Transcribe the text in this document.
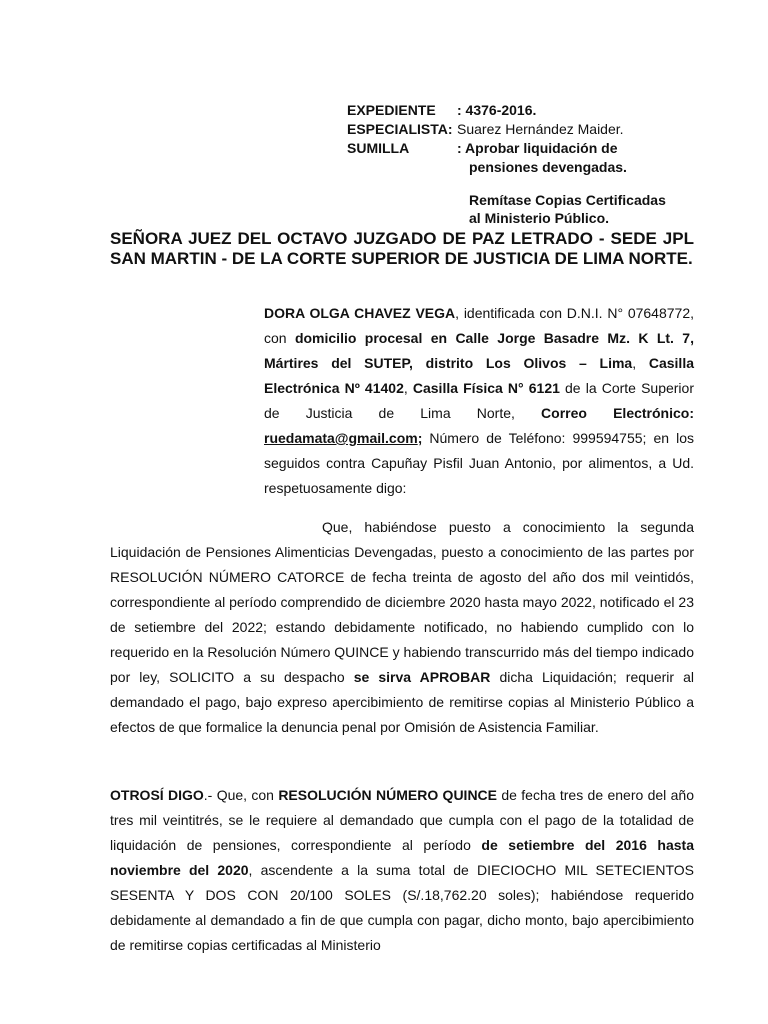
EXPEDIENTE	: 4376-2016.
ESPECIALISTA: Suarez Hernández Maider.
SUMILLA	: Aprobar liquidación de
pensiones devengadas.
Remítase Copias Certificadas
al Ministerio Público.
SEÑORA JUEZ DEL OCTAVO JUZGADO DE PAZ LETRADO - SEDE JPL SAN MARTIN - DE LA CORTE SUPERIOR DE JUSTICIA DE LIMA NORTE.
DORA OLGA CHAVEZ VEGA, identificada con D.N.I. N° 07648772, con domicilio procesal en Calle Jorge Basadre Mz. K Lt. 7, Mártires del SUTEP, distrito Los Olivos – Lima, Casilla Electrónica Nº 41402, Casilla Física N° 6121 de la Corte Superior de Justicia de Lima Norte, Correo Electrónico: ruedamata@gmail.com; Número de Teléfono: 999594755; en los seguidos contra Capuñay Pisfil Juan Antonio, por alimentos, a Ud. respetuosamente digo:
Que, habiéndose puesto a conocimiento la segunda Liquidación de Pensiones Alimenticias Devengadas, puesto a conocimiento de las partes por RESOLUCIÓN NÚMERO CATORCE de fecha treinta de agosto del año dos mil veintidós, correspondiente al período comprendido de diciembre 2020 hasta mayo 2022, notificado el 23 de setiembre del 2022; estando debidamente notificado, no habiendo cumplido con lo requerido en la Resolución Número QUINCE y habiendo transcurrido más del tiempo indicado por ley, SOLICITO a su despacho se sirva APROBAR dicha Liquidación; requerir al demandado el pago, bajo expreso apercibimiento de remitirse copias al Ministerio Público a efectos de que formalice la denuncia penal por Omisión de Asistencia Familiar.
OTROSÍ DIGO.- Que, con RESOLUCIÓN NÚMERO QUINCE de fecha tres de enero del año tres mil veintitrés, se le requiere al demandado que cumpla con el pago de la totalidad de liquidación de pensiones, correspondiente al período de setiembre del 2016 hasta noviembre del 2020, ascendente a la suma total de DIECIOCHO MIL SETECIENTOS SESENTA Y DOS CON 20/100 SOLES (S/.18,762.20 soles); habiéndose requerido debidamente al demandado a fin de que cumpla con pagar, dicho monto, bajo apercibimiento de remitirse copias certificadas al Ministerio
